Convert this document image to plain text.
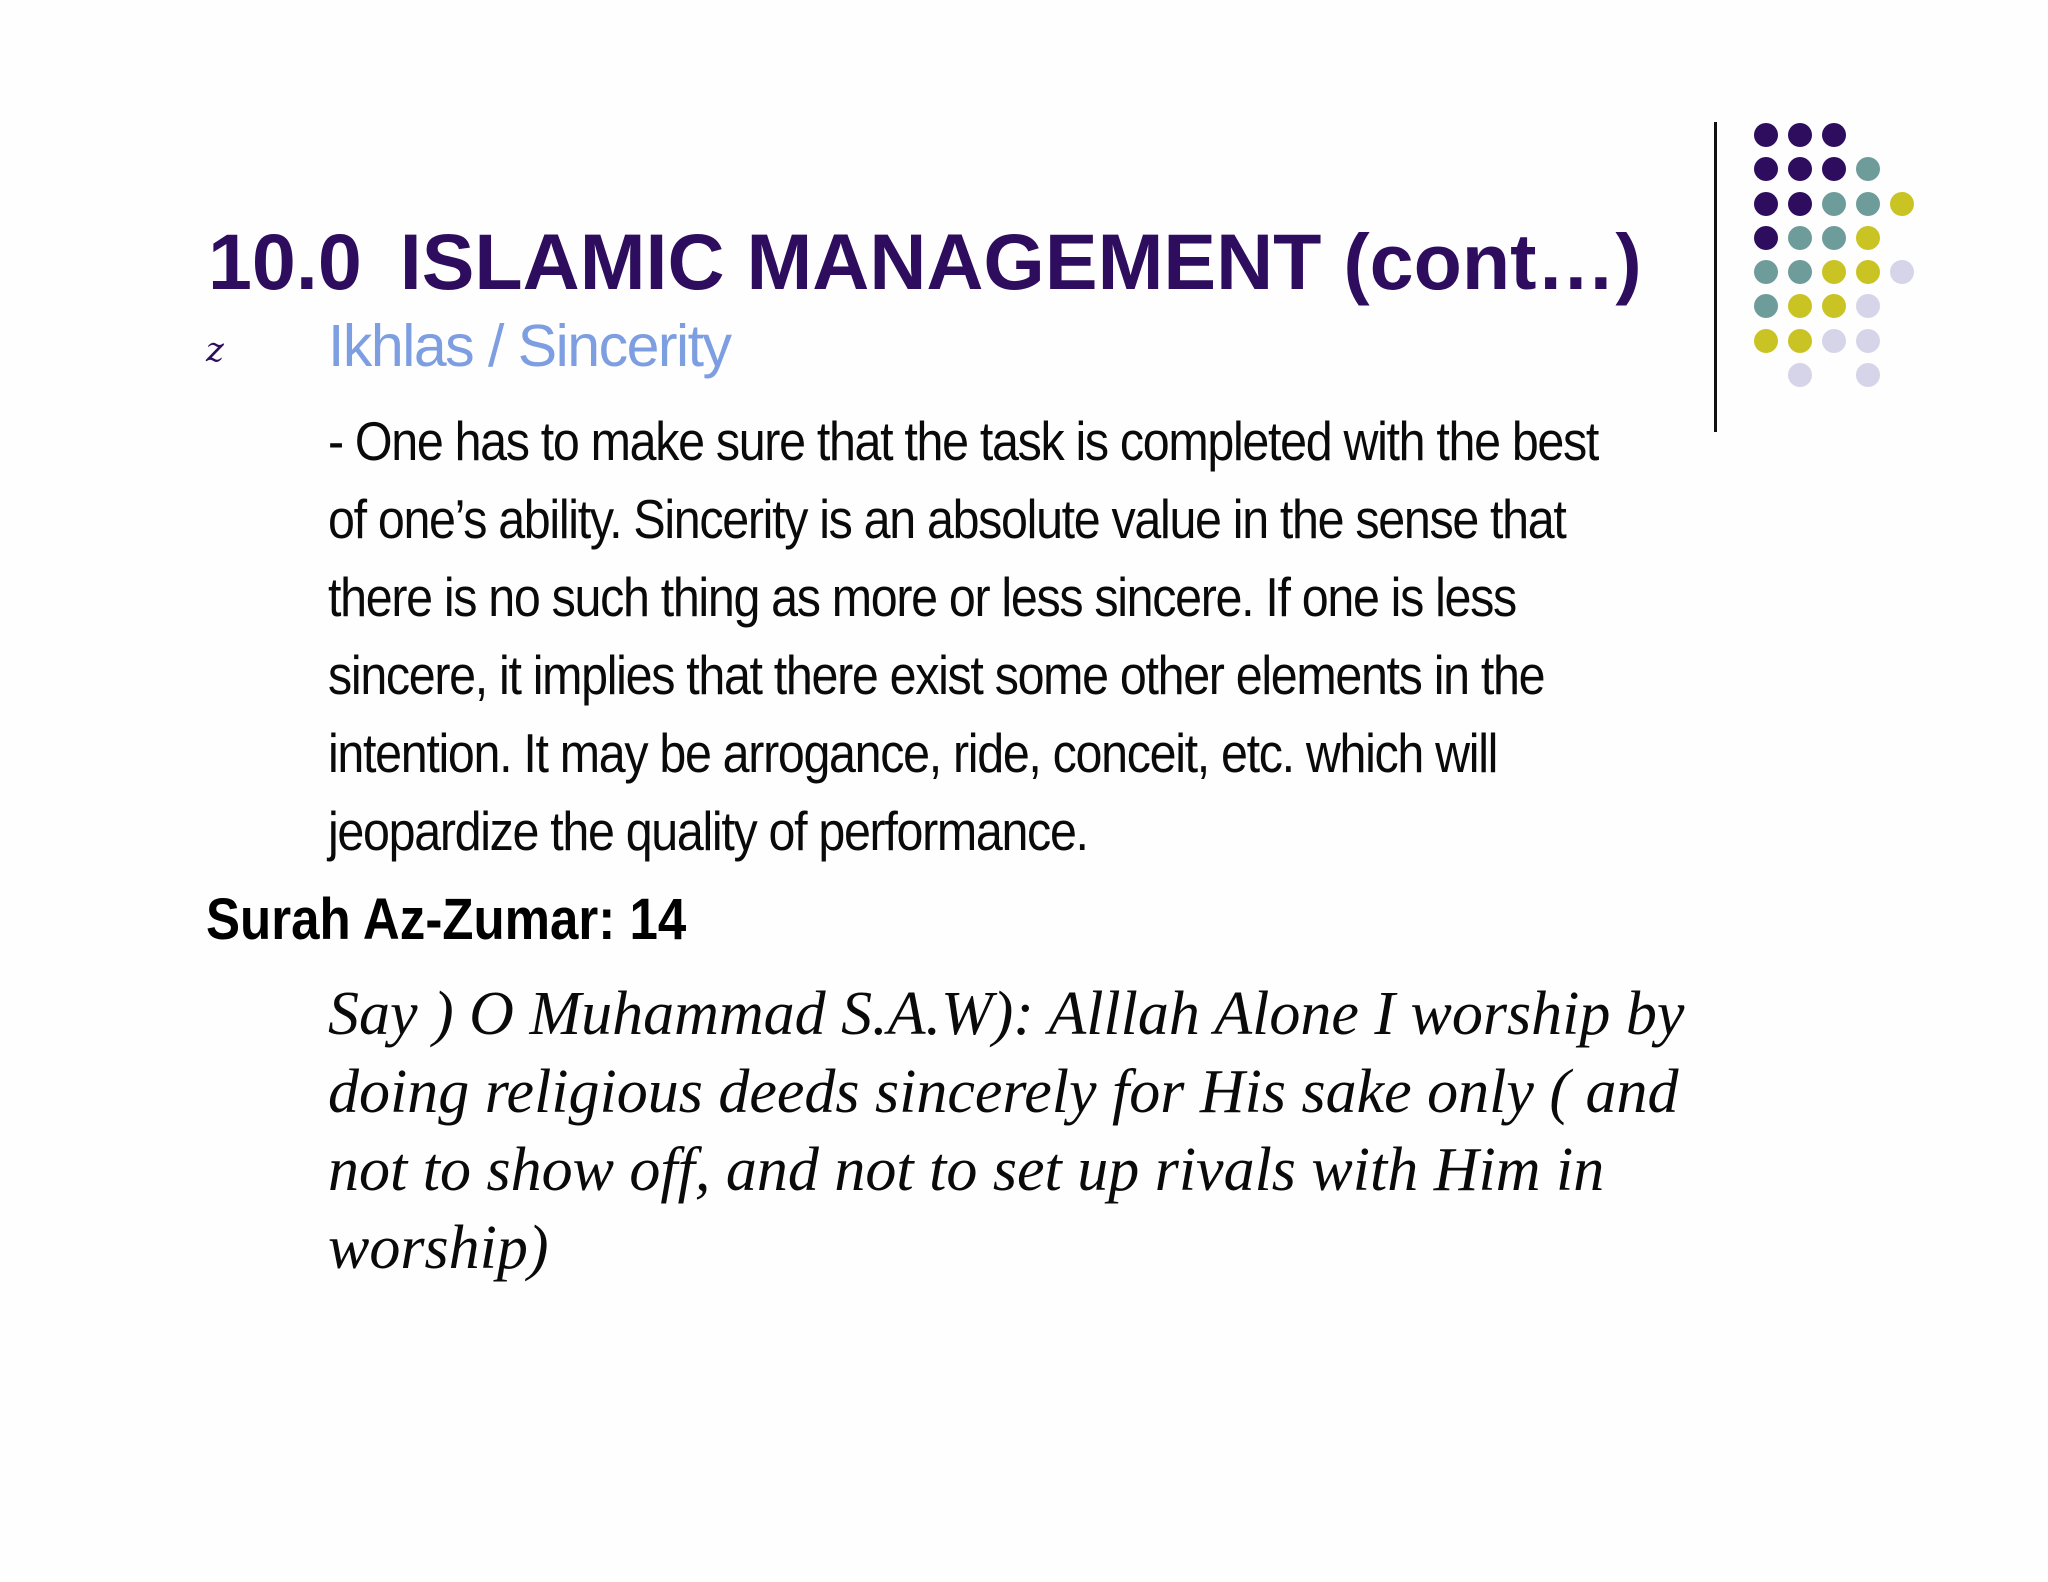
10.0 ISLAMIC MANAGEMENT (cont…)
z Ikhlas / Sincerity

- One has to make sure that the task is completed with the best
of one’s ability. Sincerity is an absolute value in the sense that
there is no such thing as more or less sincere. If one is less
sincere, it implies that there exist some other elements in the
intention. It may be arrogance, ride, conceit, etc. which will
jeopardize the quality of performance.

Surah Az-Zumar: 14

Say ) O Muhammad S.A.W): Alllah Alone I worship by
doing religious deeds sincerely for His sake only ( and
not to show off, and not to set up rivals with Him in
worship)
